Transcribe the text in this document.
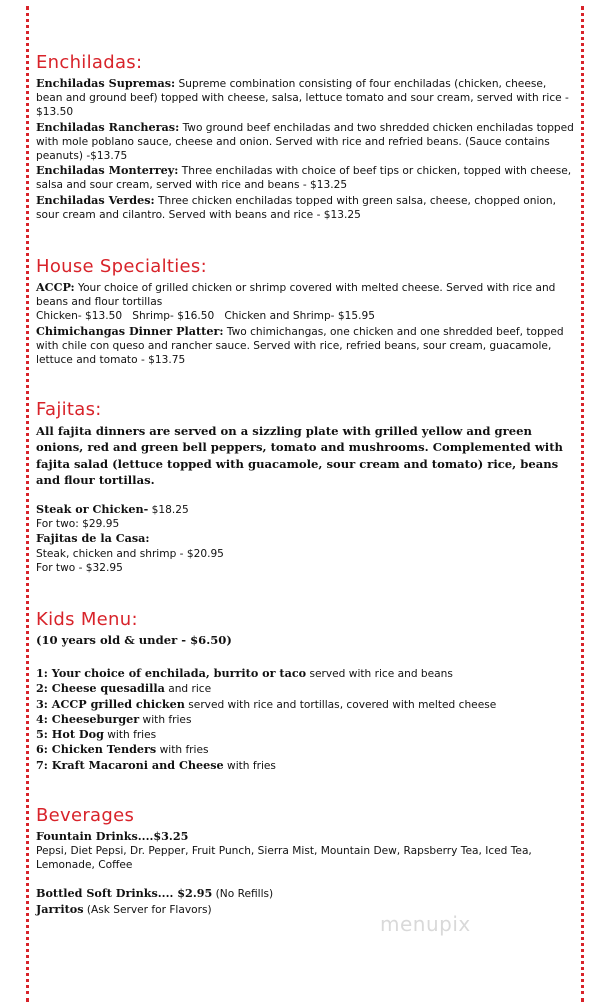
Enchiladas:

Enchiladas Supremas: Supreme combination consisting of four enchiladas (chicken, cheese, bean and ground beef) topped with cheese, salsa, lettuce tomato and sour cream, served with rice - $13.50

Enchiladas Rancheras: Two ground beef enchiladas and two shredded chicken enchiladas topped with mole poblano sauce, cheese and onion. Served with rice and refried beans. (Sauce contains peanuts) -$13.75

Enchiladas Monterrey: Three enchiladas with choice of beef tips or chicken, topped with cheese, salsa and sour cream, served with rice and beans - $13.25

Enchiladas Verdes: Three chicken enchiladas topped with green salsa, cheese, chopped onion, sour cream and cilantro. Served with beans and rice - $13.25

House Specialties:

ACCP: Your choice of grilled chicken or shrimp covered with melted cheese. Served with rice and beans and flour tortillas

Chicken- $13.50   Shrimp- $16.50   Chicken and Shrimp- $15.95

Chimichangas Dinner Platter: Two chimichangas, one chicken and one shredded beef, topped with chile con queso and rancher sauce. Served with rice, refried beans, sour cream, guacamole, lettuce and tomato - $13.75

Fajitas:

All fajita dinners are served on a sizzling plate with grilled yellow and green onions, red and green bell peppers, tomato and mushrooms. Complemented with fajita salad (lettuce topped with guacamole, sour cream and tomato) rice, beans and flour tortillas.

Steak or Chicken- $18.25

For two: $29.95

Fajitas de la Casa:

Steak, chicken and shrimp - $20.95

For two - $32.95

Kids Menu:

(10 years old & under - $6.50)

1: Your choice of enchilada, burrito or taco served with rice and beans

2: Cheese quesadilla and rice

3: ACCP grilled chicken served with rice and tortillas, covered with melted cheese

4: Cheeseburger with fries

5: Hot Dog with fries

6: Chicken Tenders with fries

7: Kraft Macaroni and Cheese with fries

Beverages

Fountain Drinks....$3.25

Pepsi, Diet Pepsi, Dr. Pepper, Fruit Punch, Sierra Mist, Mountain Dew, Rapsberry Tea, Iced Tea, Lemonade, Coffee

Bottled Soft Drinks.... $2.95 (No Refills)

Jarritos (Ask Server for Flavors)

menupix
